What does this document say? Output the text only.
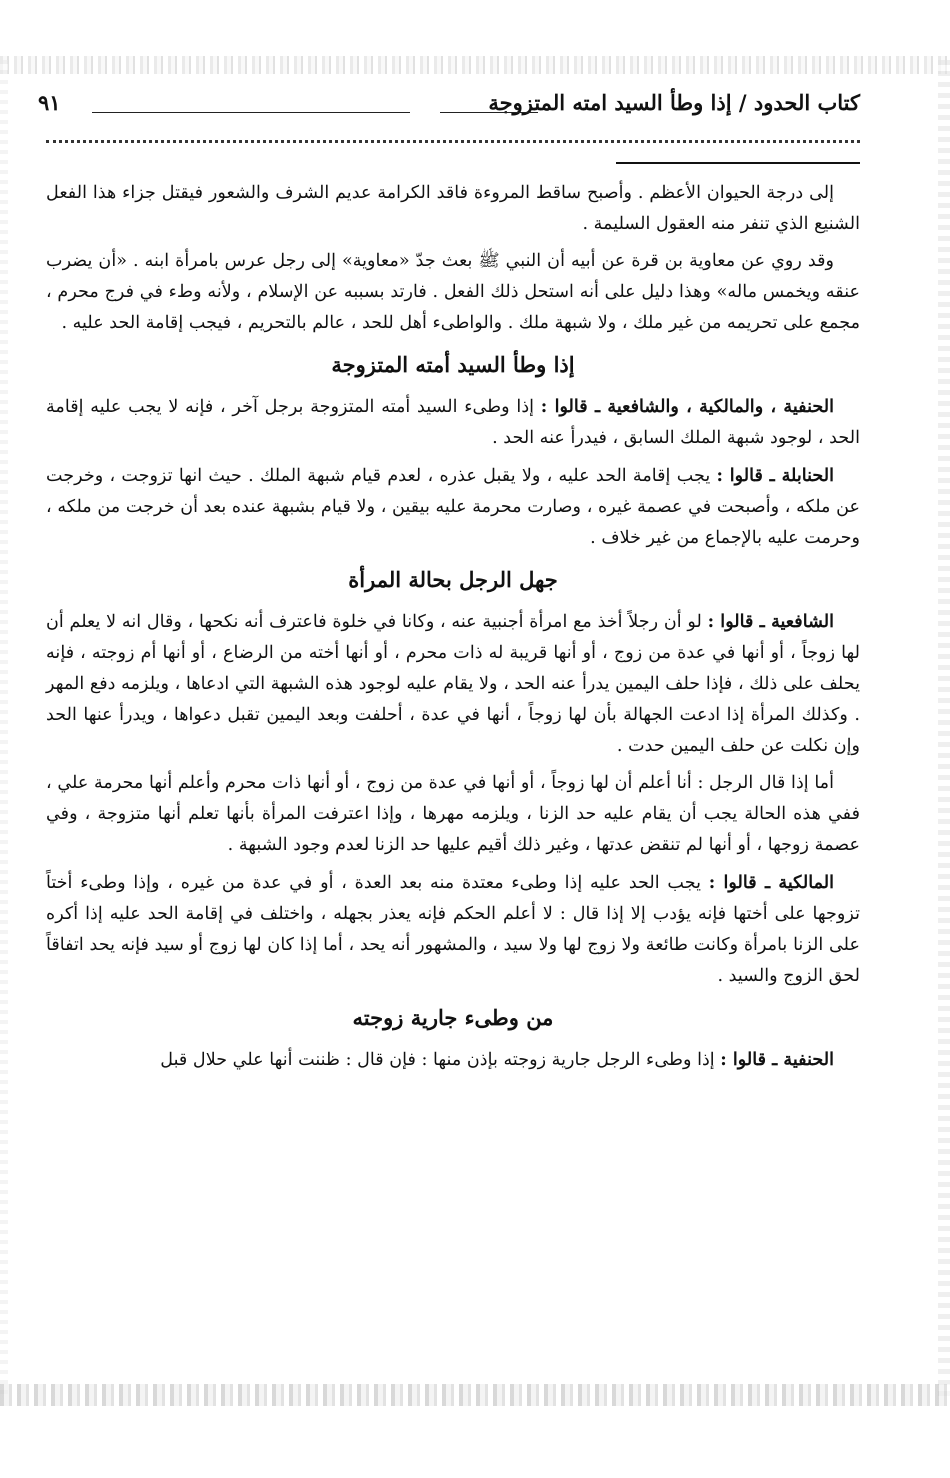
كتاب الحدود / إذا وطأ السيد امته المتزوجة
٩١

إلى درجة الحيوان الأعظم . وأصبح ساقط المروءة فاقد الكرامة عديم الشرف والشعور فيقتل جزاء هذا الفعل الشنيع الذي تنفر منه العقول السليمة .

وقد روي عن معاوية بن قرة عن أبيه أن النبي ﷺ بعث جدّ «معاوية» إلى رجل عرس بامرأة ابنه . «أن يضرب عنقه ويخمس ماله» وهذا دليل على أنه استحل ذلك الفعل . فارتد بسببه عن الإسلام ، ولأنه وطء في فرج محرم ، مجمع على تحريمه من غير ملك ، ولا شبهة ملك . والواطىء أهل للحد ، عالم بالتحريم ، فيجب إقامة الحد عليه .

إذا وطأ السيد أمته المتزوجة

الحنفية ، والمالكية ، والشافعية ـ قالوا : إذا وطىء السيد أمته المتزوجة برجل آخر ، فإنه لا يجب عليه إقامة الحد ، لوجود شبهة الملك السابق ، فيدرأ عنه الحد .

الحنابلة ـ قالوا : يجب إقامة الحد عليه ، ولا يقبل عذره ، لعدم قيام شبهة الملك . حيث انها تزوجت ، وخرجت عن ملكه ، وأصبحت في عصمة غيره ، وصارت محرمة عليه بيقين ، ولا قيام بشبهة عنده بعد أن خرجت من ملكه ، وحرمت عليه بالإجماع من غير خلاف .

جهل الرجل بحالة المرأة

الشافعية ـ قالوا : لو أن رجلاً أخذ مع امرأة أجنبية عنه ، وكانا في خلوة فاعترف أنه نكحها ، وقال انه لا يعلم أن لها زوجاً ، أو أنها في عدة من زوج ، أو أنها قريبة له ذات محرم ، أو أنها أخته من الرضاع ، أو أنها أم زوجته ، فإنه يحلف على ذلك ، فإذا حلف اليمين يدرأ عنه الحد ، ولا يقام عليه لوجود هذه الشبهة التي ادعاها ، ويلزمه دفع المهر . وكذلك المرأة إذا ادعت الجهالة بأن لها زوجاً ، أنها في عدة ، أحلفت وبعد اليمين تقبل دعواها ، ويدرأ عنها الحد وإن نكلت عن حلف اليمين حدت .

أما إذا قال الرجل : أنا أعلم أن لها زوجاً ، أو أنها في عدة من زوج ، أو أنها ذات محرم وأعلم أنها محرمة علي ، ففي هذه الحالة يجب أن يقام عليه حد الزنا ، ويلزمه مهرها ، وإذا اعترفت المرأة بأنها تعلم أنها متزوجة ، وفي عصمة زوجها ، أو أنها لم تنقض عدتها ، وغير ذلك أقيم عليها حد الزنا لعدم وجود الشبهة .

المالكية ـ قالوا : يجب الحد عليه إذا وطىء معتدة منه بعد العدة ، أو في عدة من غيره ، وإذا وطىء أختاً تزوجها على أختها فإنه يؤدب إلا إذا قال : لا أعلم الحكم فإنه يعذر بجهله ، واختلف في إقامة الحد عليه إذا أكره على الزنا بامرأة وكانت طائعة ولا زوج لها ولا سيد ، والمشهور أنه يحد ، أما إذا كان لها زوج أو سيد فإنه يحد اتفاقاً لحق الزوج والسيد .

من وطىء جارية زوجته

الحنفية ـ قالوا : إذا وطىء الرجل جارية زوجته بإذن منها : فإن قال : ظننت أنها علي حلال قبل
